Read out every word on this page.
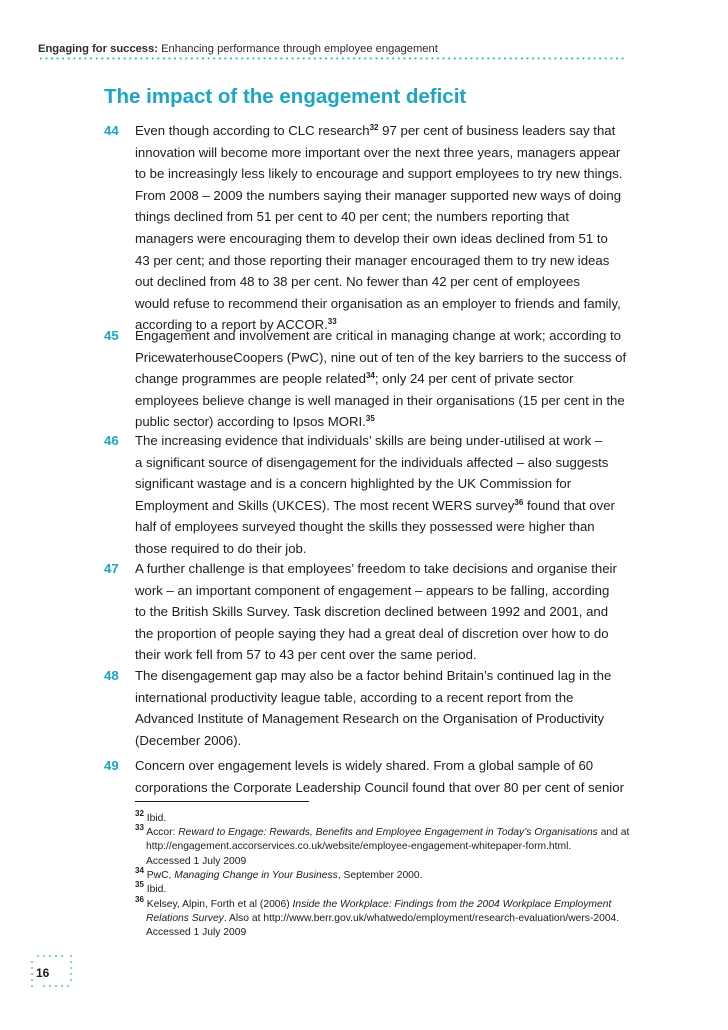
Engaging for success: Enhancing performance through employee engagement
The impact of the engagement deficit
44	Even though according to CLC research$^{32}$ 97 per cent of business leaders say that
innovation will become more important over the next three years, managers appear
to be increasingly less likely to encourage and support employees to try new things.
From 2008 – 2009 the numbers saying their manager supported new ways of doing
things declined from 51 per cent to 40 per cent; the numbers reporting that
managers were encouraging them to develop their own ideas declined from 51 to
43 per cent; and those reporting their manager encouraged them to try new ideas
out declined from 48 to 38 per cent. No fewer than 42 per cent of employees
would refuse to recommend their organisation as an employer to friends and family,
according to a report by ACCOR.$^{33}$
45	Engagement and involvement are critical in managing change at work; according to
PricewaterhouseCoopers (PwC), nine out of ten of the key barriers to the success of
change programmes are people related$^{34}$; only 24 per cent of private sector
employees believe change is well managed in their organisations (15 per cent in the
public sector) according to Ipsos MORI.$^{35}$
46	The increasing evidence that individuals’ skills are being under-utilised at work –
a significant source of disengagement for the individuals affected – also suggests
significant wastage and is a concern highlighted by the UK Commission for
Employment and Skills (UKCES). The most recent WERS survey$^{36}$ found that over
half of employees surveyed thought the skills they possessed were higher than
those required to do their job.
47	A further challenge is that employees’ freedom to take decisions and organise their
work – an important component of engagement – appears to be falling, according
to the British Skills Survey. Task discretion declined between 1992 and 2001, and
the proportion of people saying they had a great deal of discretion over how to do
their work fell from 57 to 43 per cent over the same period.
48	The disengagement gap may also be a factor behind Britain’s continued lag in the
international productivity league table, according to a recent report from the
Advanced Institute of Management Research on the Organisation of Productivity
(December 2006).
49	Concern over engagement levels is widely shared. From a global sample of 60
corporations the Corporate Leadership Council found that over 80 per cent of senior
$^{32}$ Ibid.
$^{33}$ Accor: Reward to Engage: Rewards, Benefits and Employee Engagement in Today’s Organisations and at
http://engagement.accorservices.co.uk/website/employee-engagement-whitepaper-form.html.
Accessed 1 July 2009
$^{34}$ PwC, Managing Change in Your Business, September 2000.
$^{35}$ Ibid.
$^{36}$ Kelsey, Alpin, Forth et al (2006) Inside the Workplace: Findings from the 2004 Workplace Employment
Relations Survey. Also at http://www.berr.gov.uk/whatwedo/employment/research-evaluation/wers-2004.
Accessed 1 July 2009
16
